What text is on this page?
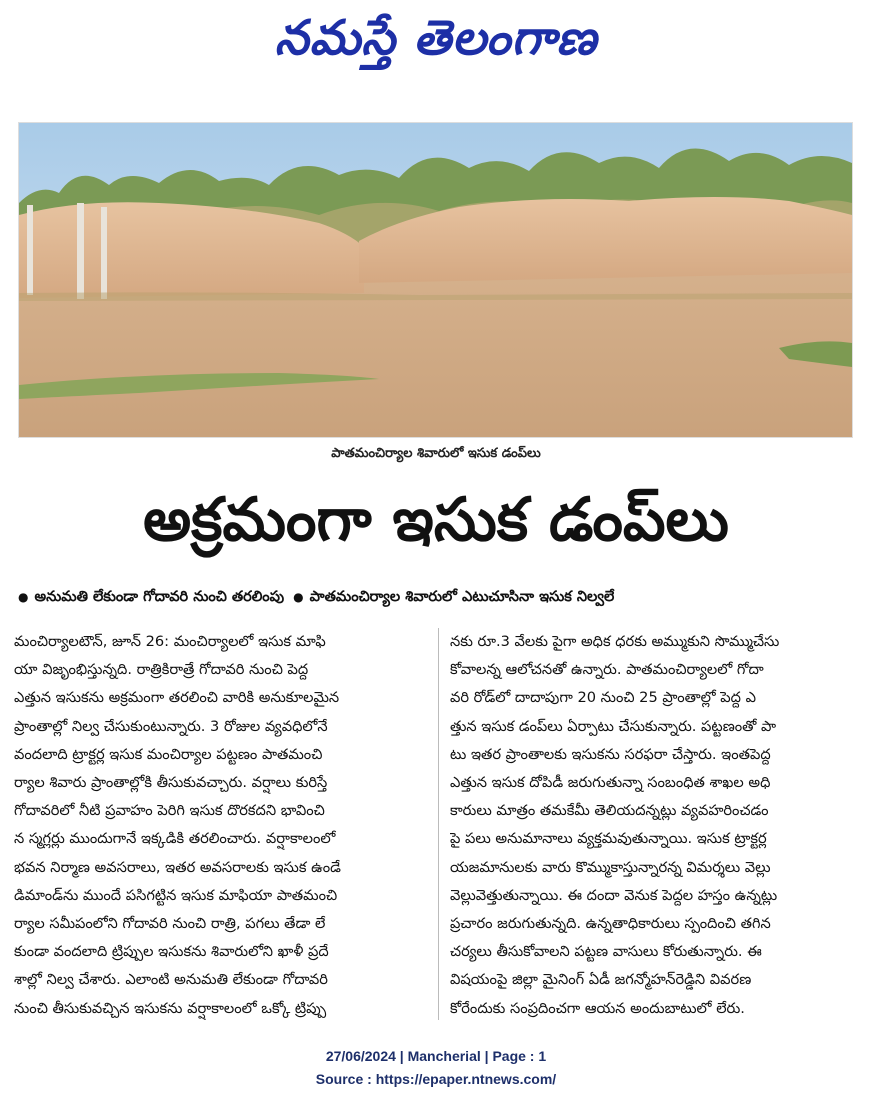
నమస్తే తెలంగాణ
పాతమంచిర్యాల శివారులో ఇసుక డంప్‌లు
అక్రమంగా ఇసుక డంప్‌లు
● అనుమతి లేకుండా గోదావరి నుంచి తరలింపు ● పాతమంచిర్యాల శివారులో ఎటుచూసినా ఇసుక నిల్వలే
మంచిర్యాలటౌన్‌, జూన్‌ 26: మంచిర్యాలలో ఇసుక మాఫి
యా విజృంభిస్తున్నది. రాత్రికిరాత్రే గోదావరి నుంచి పెద్ద
ఎత్తున ఇసుకను అక్రమంగా తరలించి వారికి అనుకూలమైన
ప్రాంతాల్లో నిల్వ చేసుకుంటున్నారు. 3 రోజుల వ్యవధిలోనే
వందలాది ట్రాక్టర్ల ఇసుక మంచిర్యాల పట్టణం పాతమంచి
ర్యాల శివారు ప్రాంతాల్లోకి తీసుకువచ్చారు. వర్షాలు కురిస్తే
గోదావరిలో నీటి ప్రవాహం పెరిగి ఇసుక దొరకదని భావించి
న స్మగ్లర్లు ముందుగానే ఇక్కడికి తరలించారు. వర్షాకాలంలో
భవన నిర్మాణ అవసరాలు, ఇతర అవసరాలకు ఇసుక ఉండే
డిమాండ్‌ను ముందే పసిగట్టిన ఇసుక మాఫియా పాతమంచి
ర్యాల సమీపంలోని గోదావరి నుంచి రాత్రి, పగలు తేడా లే
కుండా వందలాది ట్రిప్పుల ఇసుకను శివారులోని ఖాళీ ప్రదే
శాల్లో నిల్వ చేశారు. ఎలాంటి అనుమతి లేకుండా గోదావరి
నుంచి తీసుకువచ్చిన ఇసుకను వర్షాకాలంలో ఒక్కో ట్రిప్పు
నకు రూ.3 వేలకు పైగా అధిక ధరకు అమ్ముకుని సొమ్ముచేసు
కోవాలన్న ఆలోచనతో ఉన్నారు. పాతమంచిర్యాలలో గోదా
వరి రోడ్‌లో దాదాపుగా 20 నుంచి 25 ప్రాంతాల్లో పెద్ద ఎ
త్తున ఇసుక డంప్‌లు ఏర్పాటు చేసుకున్నారు. పట్టణంతో పా
టు ఇతర ప్రాంతాలకు ఇసుకను సరఫరా చేస్తారు. ఇంతపెద్ద
ఎత్తున ఇసుక దోపిడీ జరుగుతున్నా సంబంధిత శాఖల అధి
కారులు మాత్రం తమకేమీ తెలియదన్నట్లు వ్యవహరించడం
పై పలు అనుమానాలు వ్యక్తమవుతున్నాయి. ఇసుక ట్రాక్టర్ల
యజమానులకు వారు కొమ్ముకాస్తున్నారన్న విమర్శలు వెల్లు
వెల్లువెత్తుతున్నాయి. ఈ దందా వెనుక పెద్దల హస్తం ఉన్నట్లు
ప్రచారం జరుగుతున్నది. ఉన్నతాధికారులు స్పందించి తగిన
చర్యలు తీసుకోవాలని పట్టణ వాసులు కోరుతున్నారు. ఈ
విషయంపై జిల్లా మైనింగ్‌ ఏడీ జగన్మోహన్‌రెడ్డిని వివరణ
కోరేందుకు సంప్రదించగా ఆయన అందుబాటులో లేరు.
27/06/2024 | Mancherial | Page : 1
Source : https://epaper.ntnews.com/
